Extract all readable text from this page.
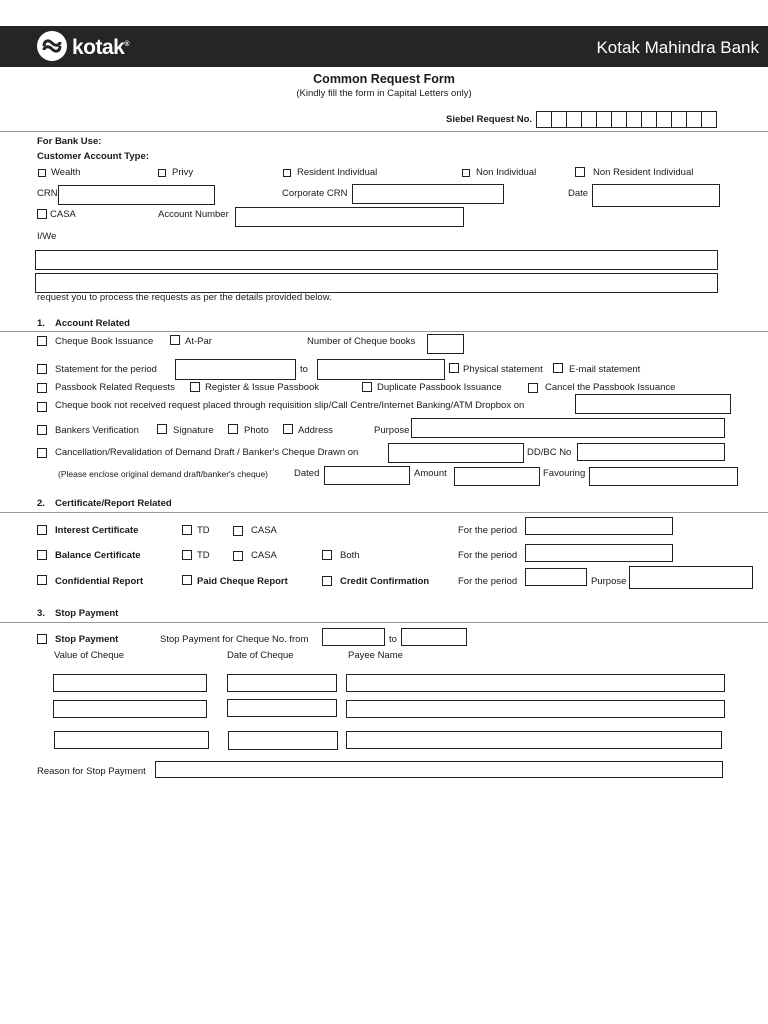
kotak®	Kotak Mahindra Bank
Common Request Form
(Kindly fill the form in Capital Letters only)
Siebel Request No.
For Bank Use:
Customer Account Type:
Wealth	Privy	Resident Individual	Non Individual	Non Resident Individual
CRN	Corporate CRN	Date
CASA	Account Number
I/We
request you to process the requests as per the details provided below.
1. Account Related
Cheque Book Issuance	At-Par	Number of Cheque books
Statement for the period	to	Physical statement	E-mail statement
Passbook Related Requests	Register & Issue Passbook	Duplicate Passbook Issuance	Cancel the Passbook Issuance
Cheque book not received request placed through requisition slip/Call Centre/Internet Banking/ATM Dropbox on
Bankers Verification	Signature	Photo	Address	Purpose
Cancellation/Revalidation of Demand Draft / Banker's Cheque Drawn on	DD/BC No
(Please enclose original demand draft/banker's cheque)	Dated	Amount	Favouring
2. Certificate/Report Related
Interest Certificate	TD	CASA	For the period
Balance Certificate	TD	CASA	Both	For the period
Confidential Report	Paid Cheque Report	Credit Confirmation	For the period	Purpose
3. Stop Payment
Stop Payment	Stop Payment for Cheque No. from	to
Value of Cheque	Date of Cheque	Payee Name
Reason for Stop Payment
